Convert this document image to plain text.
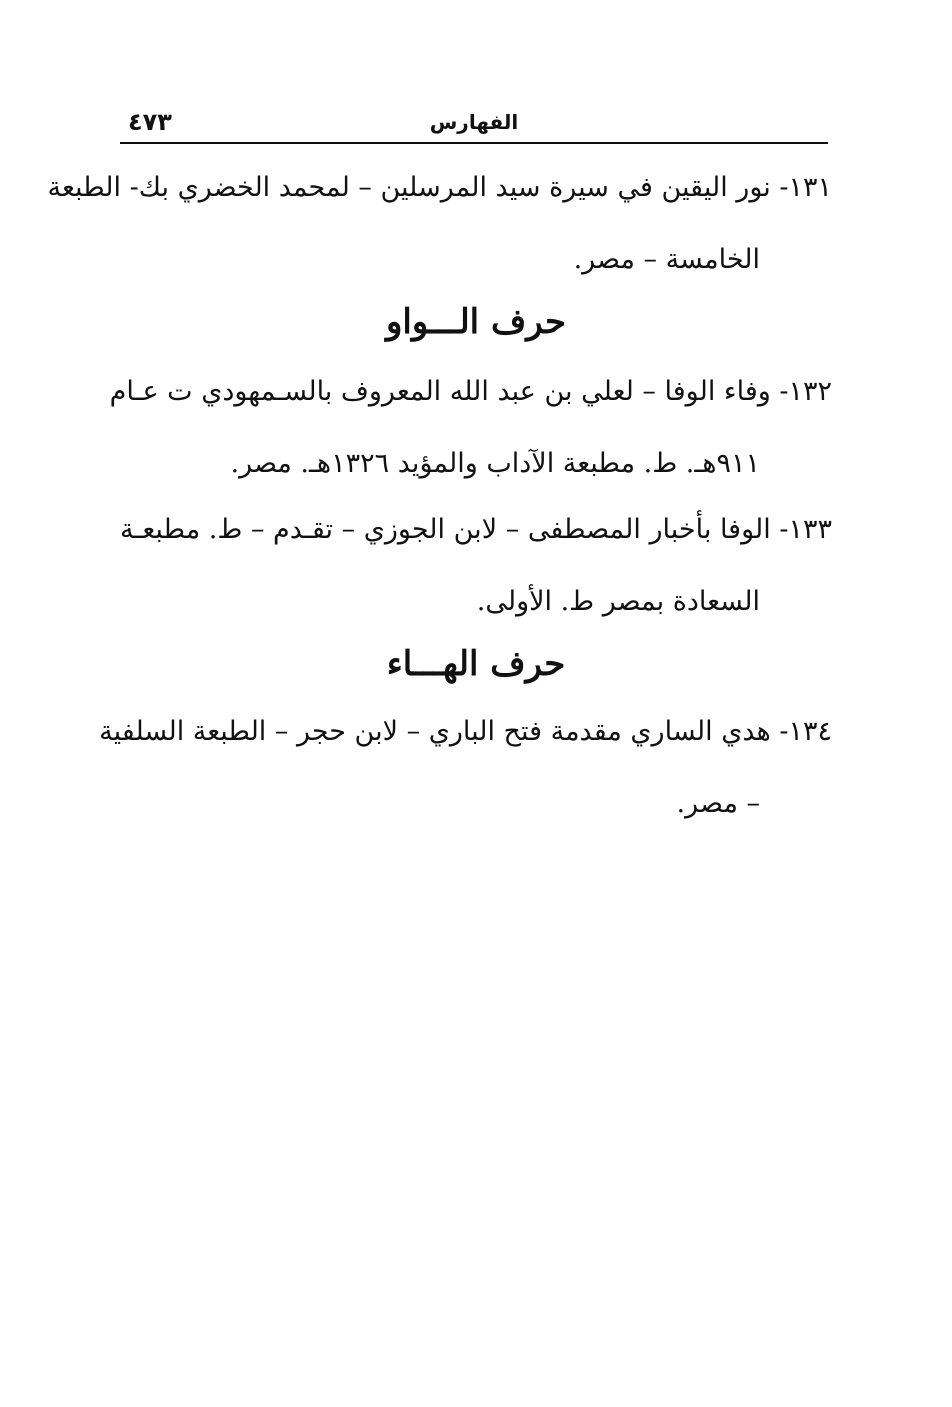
الفهارس
٤٧٣
١٣١- نور اليقين في سيرة سيد المرسلين – لمحمد الخضري بك- الطبعة
الخامسة – مصر.
حرف الـــواو
١٣٢- وفاء الوفا – لعلي بن عبد الله المعروف بالسـمهودي ت عـام
٩١١هـ. ط. مطبعة الآداب والمؤيد ١٣٢٦هـ. مصر.
١٣٣- الوفا بأخبار المصطفى – لابن الجوزي – تقـدم – ط. مطبعـة
السعادة بمصر ط. الأولى.
حرف الهـــاء
١٣٤- هدي الساري مقدمة فتح الباري – لابن حجر – الطبعة السلفية
– مصر.
